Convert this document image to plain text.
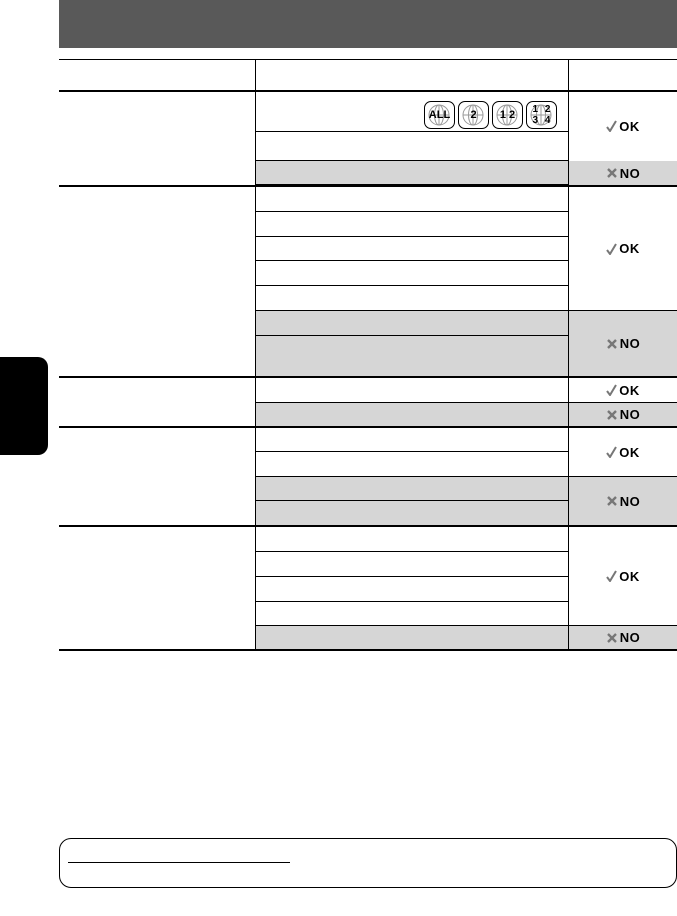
ALL 2 1 2 1 2 3 4	OK
NO
OK
NO
OK
NO
OK
NO
OK
NO
